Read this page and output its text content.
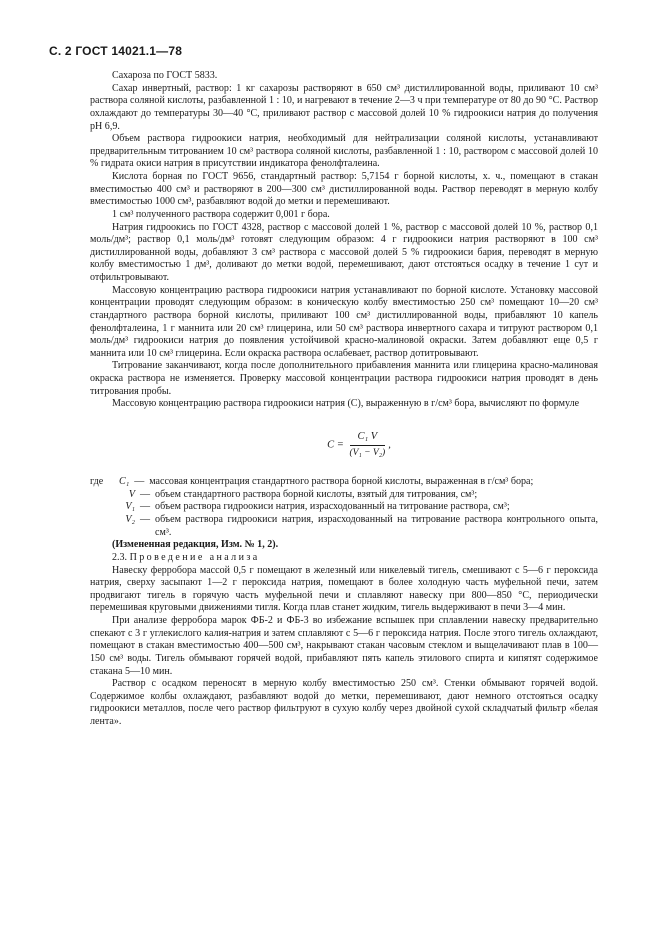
С. 2 ГОСТ 14021.1—78

Сахароза по ГОСТ 5833.

Сахар инвертный, раствор: 1 кг сахарозы растворяют в 650 см³ дистиллированной воды, приливают 10 см³ раствора соляной кислоты, разбавленной 1 : 10, и нагревают в течение 2—3 ч при температуре от 80 до 90 °С. Раствор охлаждают до температуры 30—40 °С, приливают раствор с массовой долей 10 % гидроокиси натрия до получения рН 6,9.

Объем раствора гидроокиси натрия, необходимый для нейтрализации соляной кислоты, устанавливают предварительным титрованием 10 см³ раствора соляной кислоты, разбавленной 1 : 10, раствором с массовой долей 10 % гидрата окиси натрия в присутствии индикатора фенолфталеина.

Кислота борная по ГОСТ 9656, стандартный раствор: 5,7154 г борной кислоты, х. ч., помещают в стакан вместимостью 400 см³ и растворяют в 200—300 см³ дистиллированной воды. Раствор переводят в мерную колбу вместимостью 1000 см³, разбавляют водой до метки и перемешивают.

1 см³ полученного раствора содержит 0,001 г бора.

Натрия гидроокись по ГОСТ 4328, раствор с массовой долей 1 %, раствор с массовой долей 10 %, раствор 0,1 моль/дм³; раствор 0,1 моль/дм³ готовят следующим образом: 4 г гидроокиси натрия растворяют в 100 см³ дистиллированной воды, добавляют 3 см³ раствора с массовой долей 5 % гидроокиси бария, переводят в мерную колбу вместимостью 1 дм³, доливают до метки водой, перемешивают, дают отстояться осадку в течение 1 сут и отфильтровывают.

Массовую концентрацию раствора гидроокиси натрия устанавливают по борной кислоте. Установку массовой концентрации проводят следующим образом: в коническую колбу вместимостью 250 см³ помещают 10—20 см³ стандартного раствора борной кислоты, приливают 100 см³ дистиллированной воды, прибавляют 10 капель фенолфталеина, 1 г маннита или 20 см³ глицерина, или 50 см³ раствора инвертного сахара и титруют раствором 0,1 моль/дм³ гидроокиси натрия до появления устойчивой красно-малиновой окраски. Затем добавляют еще 0,5 г маннита или 10 см³ глицерина. Если окраска раствора ослабевает, раствор дотитровывают.

Титрование заканчивают, когда после дополнительного прибавления маннита или глицерина красно-малиновая окраска раствора не изменяется. Проверку массовой концентрации раствора гидроокиси натрия проводят в день титрования пробы.

Массовую концентрацию раствора гидроокиси натрия (C), выраженную в г/см³ бора, вычисляют по формуле

$C = \frac{\text{C₁ V}}{\text{(V₁ − V₂)}}$ ,
где	C₁ — массовая концентрация стандартного раствора борной кислоты, выраженная в г/см³ бора;
V — объем стандартного раствора борной кислоты, взятый для титрования, см³;
V₁ — объем раствора гидроокиси натрия, израсходованный на титрование раствора, см³;
V₂ — объем раствора гидроокиси натрия, израсходованный на титрование раствора контрольного опыта, см³.

(Измененная редакция, Изм. № 1, 2).

2.3. Проведение анализа

Навеску ферробора массой 0,5 г помещают в железный или никелевый тигель, смешивают с 5—6 г пероксида натрия, сверху засыпают 1—2 г пероксида натрия, помещают в более холодную часть муфельной печи, затем продвигают тигель в горячую часть муфельной печи и сплавляют навеску при 800—850 °С, периодически перемешивая круговыми движениями тигля. Когда плав станет жидким, тигель выдерживают в печи 3—4 мин.

При анализе ферробора марок ФБ-2 и ФБ-3 во избежание вспышек при сплавлении навеску предварительно спекают с 3 г углекислого калия-натрия и затем сплавляют с 5—6 г пероксида натрия. После этого тигель охлаждают, помещают в стакан вместимостью 400—500 см³, накрывают стакан часовым стеклом и выщелачивают плав в 100—150 см³ воды. Тигель обмывают горячей водой, прибавляют пять капель этилового спирта и кипятят содержимое стакана 5—10 мин.

Раствор с осадком переносят в мерную колбу вместимостью 250 см³. Стенки обмывают горячей водой. Содержимое колбы охлаждают, разбавляют водой до метки, перемешивают, дают немного отстояться осадку гидроокиси металлов, после чего раствор фильтруют в сухую колбу через двойной сухой складчатый фильтр «белая лента».
